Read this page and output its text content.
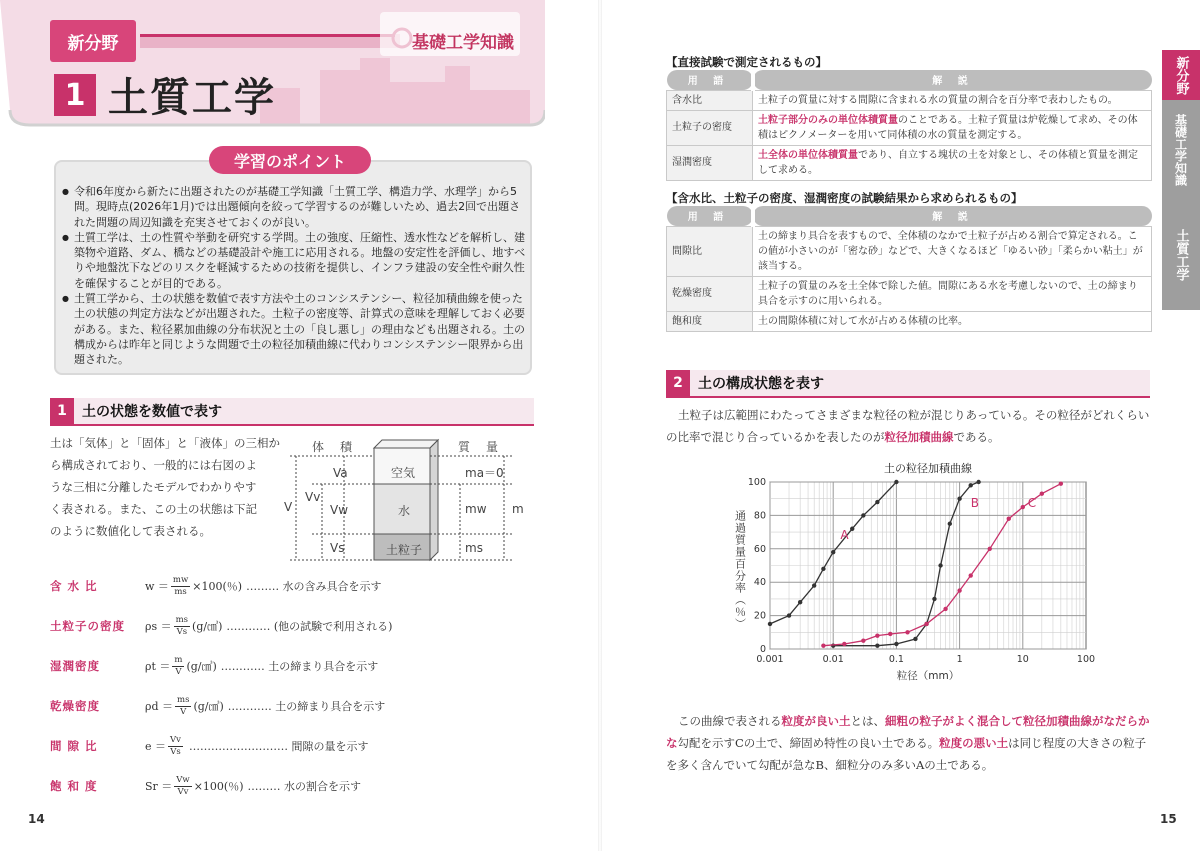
新分野	基礎工学知識
1 土質工学
学習のポイント
● 令和6年度から新たに出題されたのが基礎工学知識「土質工学、構造力学、水理学」から5問。現時点(2026年1月)では出題傾向を絞って学習するのが難しいため、過去2回で出題された問題の周辺知識を充実させておくのが良い。
● 土質工学は、土の性質や挙動を研究する学問。土の強度、圧縮性、透水性などを解析し、建築物や道路、ダム、橋などの基礎設計や施工に応用される。地盤の安定性を評価し、地すべりや地盤沈下などのリスクを軽減するための技術を提供し、インフラ建設の安全性や耐久性を確保することが目的である。
● 土質工学から、土の状態を数値で表す方法や土のコンシステンシー、粒径加積曲線を使った土の状態の判定方法などが出題された。土粒子の密度等、計算式の意味を理解しておく必要がある。また、粒径累加曲線の分布状況と土の「良し悪し」の理由なども出題される。土の構成からは昨年と同じような問題で土の粒径加積曲線に代わりコンシステンシー限界から出題された。
1	土の状態を数値で表す
土は「気体」と「固体」と「液体」の三相か
ら構成されており、一般的には右図のよ
うな三相に分離したモデルでわかりやす
く表される。また、この土の状態は下記
のように数値化して表される。
体　積	質　量
空気
水
土粒子
V
Va
Vv
Vw
Vs
ma＝0
mw
ms
m
含 水 比	$w = \frac{mw}{ms} \times 100$(％) ……… 水の含み具合を示す
土粒子の密度 $\rho s = \frac{ms}{Vs}$ (g/㎤) ………… (他の試験で利用される)
湿潤密度	$\rho t = \frac{m}{V}$ (g/㎤) ………… 土の締まり具合を示す
乾燥密度	$\rho d = \frac{ms}{V}$ (g/㎤) ………… 土の締まり具合を示す
間 隙 比	$e = \frac{Vv}{Vs}$ ……………………… 間隙の量を示す
飽 和 度	$Sr = \frac{Vw}{Vv} \times 100$(％) ……… 水の割合を示す
14
【直接試験で測定されるもの】
用 語	解 説
含水比	土粒子の質量に対する間隙に含まれる水の質量の割合を百分率で表わしたもの。
土粒子の密度	土粒子部分のみの単位体積質量のことである。土粒子質量は炉乾燥して求め、その体積はピクノメーターを用いて同体積の水の質量を測定する。
湿潤密度	土全体の単位体積質量であり、自立する塊状の土を対象とし、その体積と質量を測定して求める。
【含水比、土粒子の密度、湿潤密度の試験結果から求められるもの】
用 語	解 説
間隙比	土の締まり具合を表すもので、全体積のなかで土粒子が占める割合で算定される。この値が小さいのが「密な砂」などで、大きくなるほど「ゆるい砂」「柔らかい粘土」が該当する。
乾燥密度	土粒子の質量のみを土全体で除した値。間隙にある水を考慮しないので、土の締まり具合を示すのに用いられる。
飽和度	土の間隙体積に対して水が占める体積の比率。
2	土の構成状態を表す
土粒子は広範囲にわたってさまざまな粒径の粒が混じりあっている。その粒径がどれくらい
の比率で混じり合っているかを表したのが粒径加積曲線である。
土の粒径加積曲線
0.001	0.01	0.1	1	10	100
0
20
40
60
80
100
粒径（mm）
通過質量百分率（％）	A
B	C
この曲線で表される粒度が良い土とは、細粗の粒子がよく混合して粒径加積曲線がなだらか
な勾配を示すCの土で、締固め特性の良い土である。粒度の悪い土は同じ程度の大きさの粒子
を多く含んでいて勾配が急なB、細粒分のみ多いAの土である。
新分野
基礎工学知識
土質工学
15
